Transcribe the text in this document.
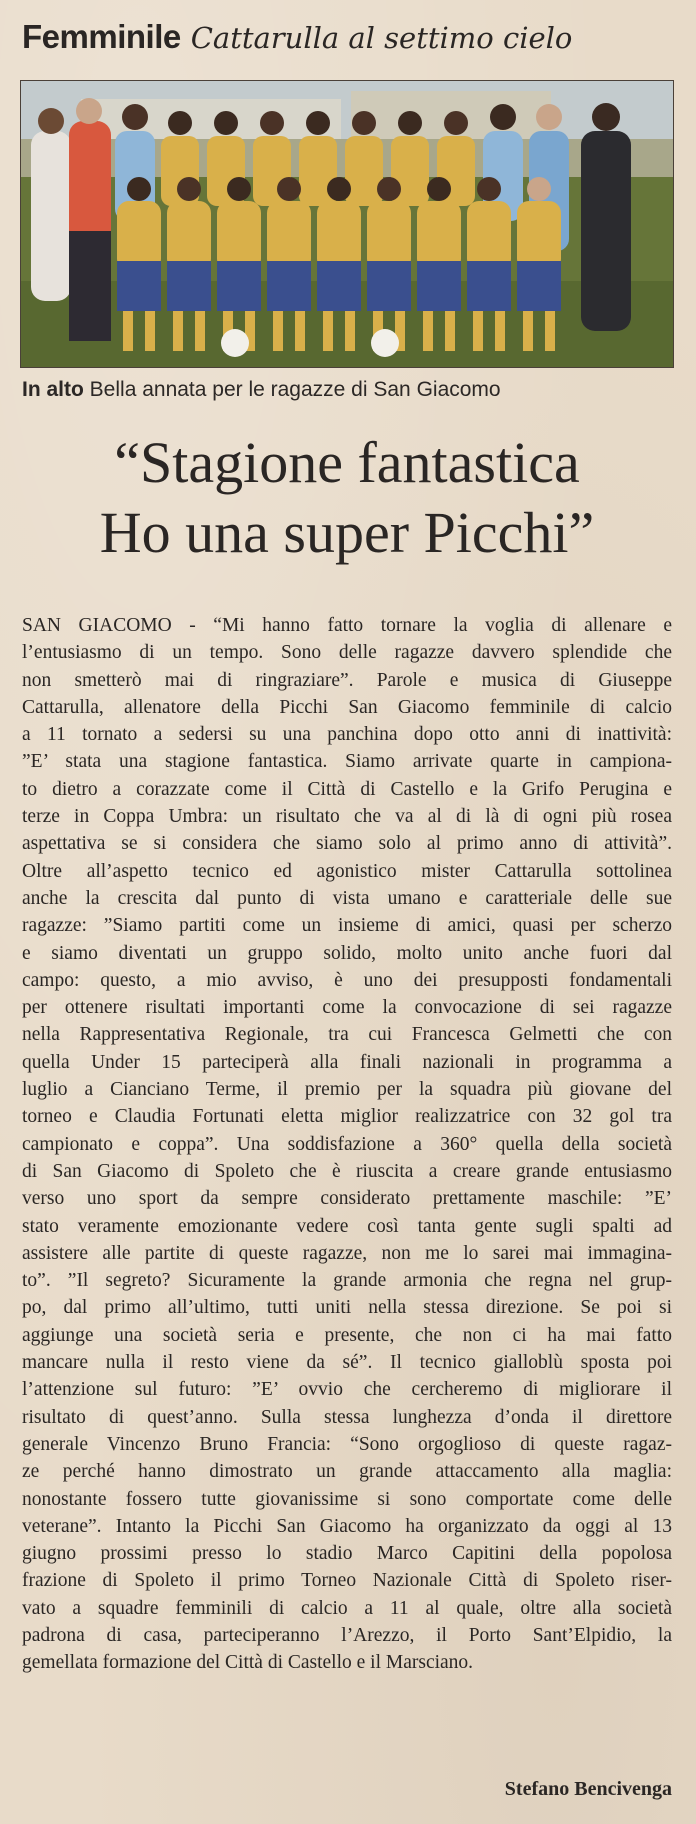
Femminile Cattarulla al settimo cielo
In alto Bella annata per le ragazze di San Giacomo
“Stagione fantastica
Ho una super Picchi”
SAN GIACOMO - “Mi hanno fatto tornare la voglia di allenare e
l’entusiasmo di un tempo. Sono delle ragazze davvero splendide che
non smetterò mai di ringraziare”. Parole e musica di Giuseppe
Cattarulla, allenatore della Picchi San Giacomo femminile di calcio
a 11 tornato a sedersi su una panchina dopo otto anni di inattività:
”E’ stata una stagione fantastica. Siamo arrivate quarte in campiona-
to dietro a corazzate come il Città di Castello e la Grifo Perugina e
terze in Coppa Umbra: un risultato che va al di là di ogni più rosea
aspettativa se si considera che siamo solo al primo anno di attività”.
Oltre all’aspetto tecnico ed agonistico mister Cattarulla sottolinea
anche la crescita dal punto di vista umano e caratteriale delle sue
ragazze: ”Siamo partiti come un insieme di amici, quasi per scherzo
e siamo diventati un gruppo solido, molto unito anche fuori dal
campo: questo, a mio avviso, è uno dei presupposti fondamentali
per ottenere risultati importanti come la convocazione di sei ragazze
nella Rappresentativa Regionale, tra cui Francesca Gelmetti che con
quella Under 15 parteciperà alla finali nazionali in programma a
luglio a Cianciano Terme, il premio per la squadra più giovane del
torneo e Claudia Fortunati eletta miglior realizzatrice con 32 gol tra
campionato e coppa”. Una soddisfazione a 360° quella della società
di San Giacomo di Spoleto che è riuscita a creare grande entusiasmo
verso uno sport da sempre considerato prettamente maschile: ”E’
stato veramente emozionante vedere così tanta gente sugli spalti ad
assistere alle partite di queste ragazze, non me lo sarei mai immagina-
to”. ”Il segreto? Sicuramente la grande armonia che regna nel grup-
po, dal primo all’ultimo, tutti uniti nella stessa direzione. Se poi si
aggiunge una società seria e presente, che non ci ha mai fatto
mancare nulla il resto viene da sé”. Il tecnico gialloblù sposta poi
l’attenzione sul futuro: ”E’ ovvio che cercheremo di migliorare il
risultato di quest’anno. Sulla stessa lunghezza d’onda il direttore
generale Vincenzo Bruno Francia: “Sono orgoglioso di queste ragaz-
ze perché hanno dimostrato un grande attaccamento alla maglia:
nonostante fossero tutte giovanissime si sono comportate come delle
veterane”. Intanto la Picchi San Giacomo ha organizzato da oggi al 13
giugno prossimi presso lo stadio Marco Capitini della popolosa
frazione di Spoleto il primo Torneo Nazionale Città di Spoleto riser-
vato a squadre femminili di calcio a 11 al quale, oltre alla società
padrona di casa, parteciperanno l’Arezzo, il Porto Sant’Elpidio, la
gemellata formazione del Città di Castello e il Marsciano.
Stefano Bencivenga
